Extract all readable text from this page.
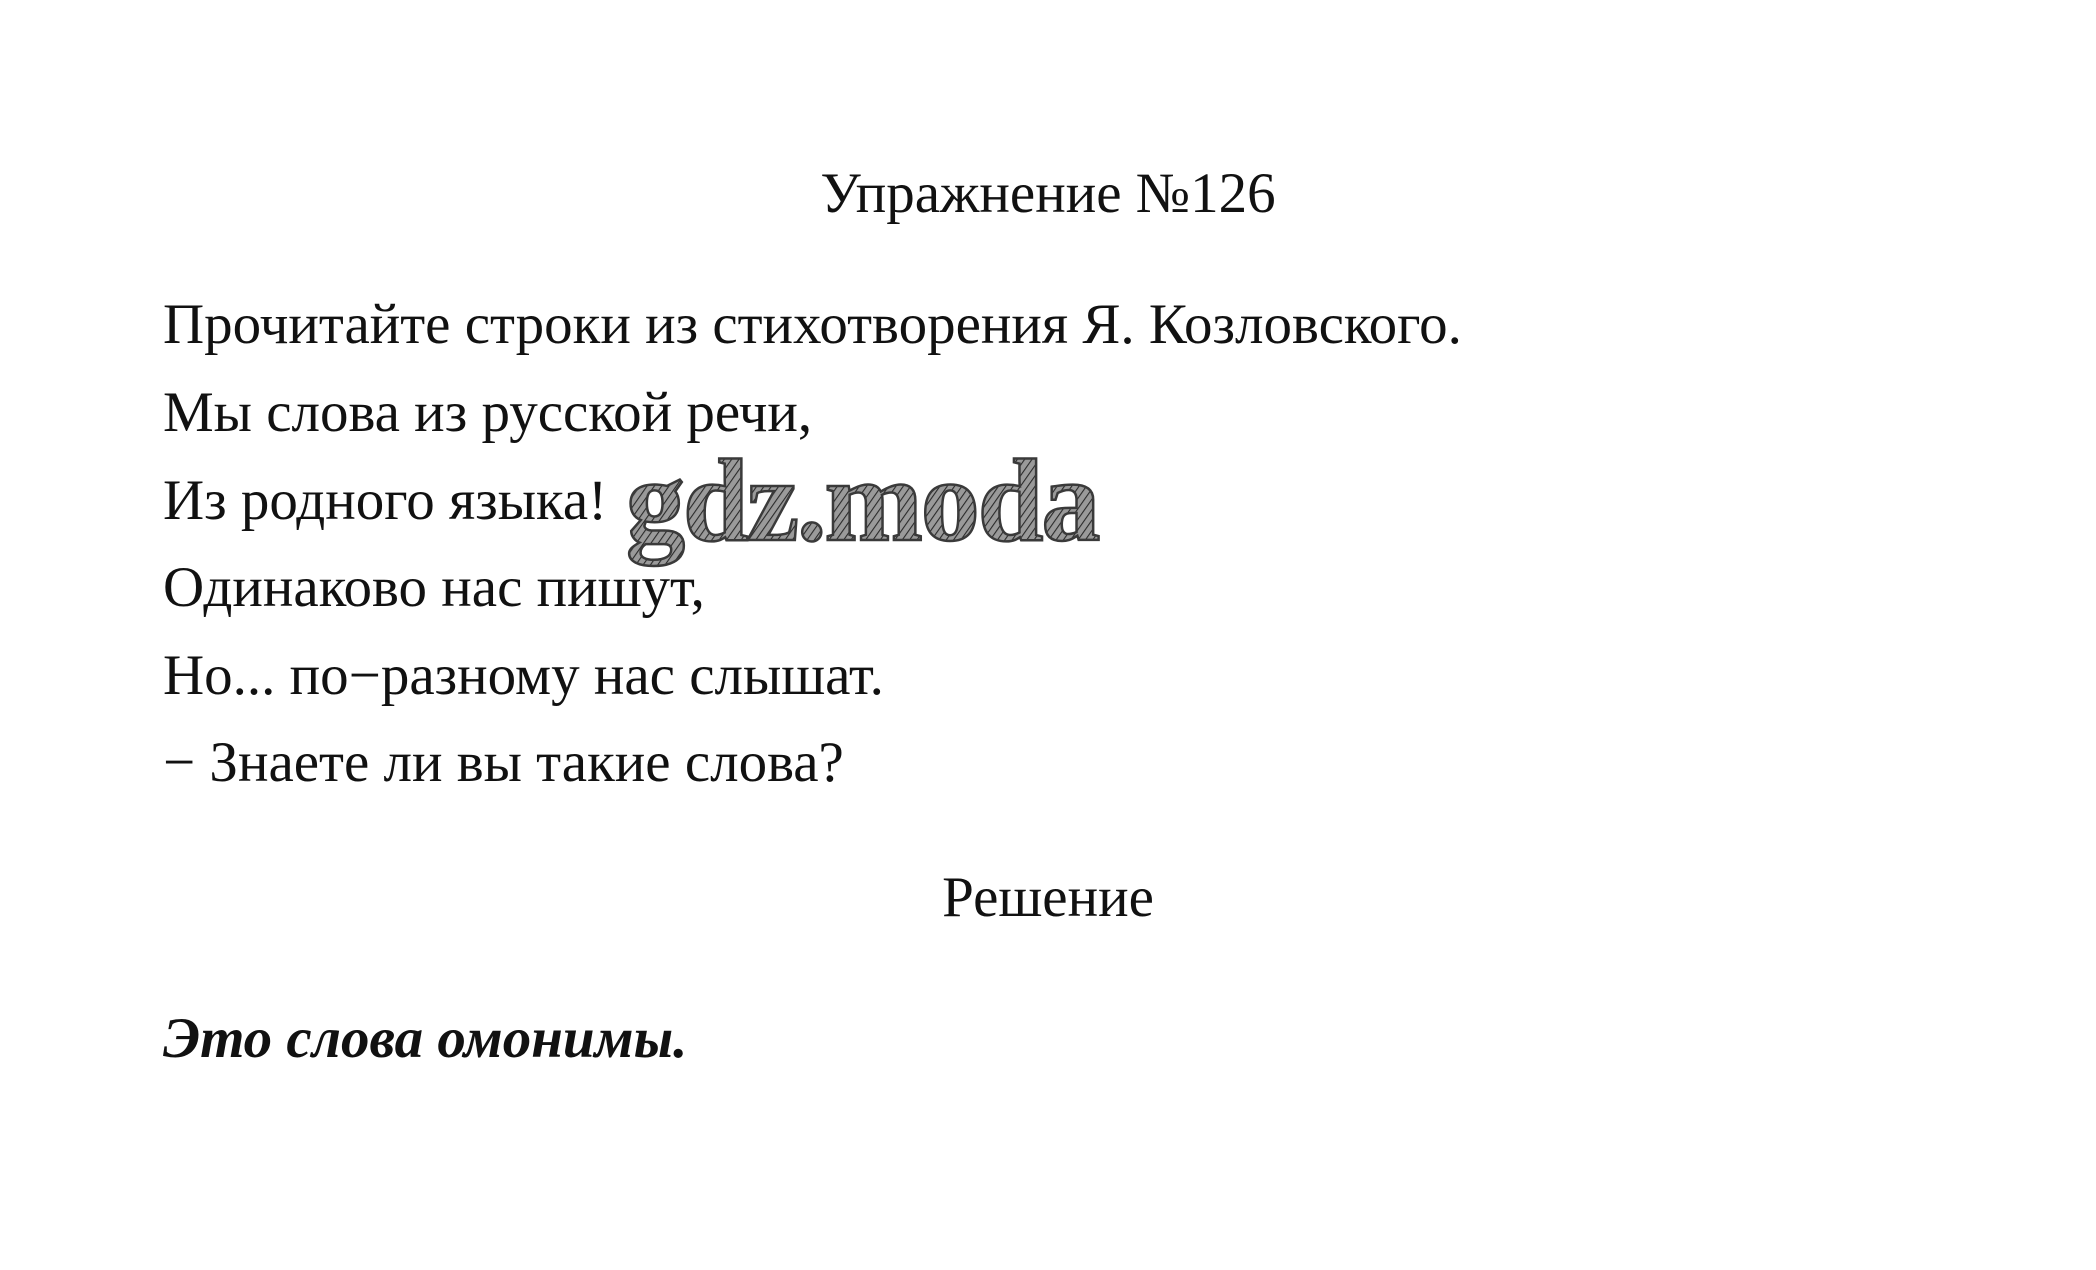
Упражнение №126
Прочитайте строки из стихотворения Я. Козловского.
Мы слова из русской речи,
Из родного языка!
Одинаково нас пишут,
Но... по−разному нас слышат.
− Знаете ли вы такие слова?
Решение
Это слова омонимы.
gdz.moda
